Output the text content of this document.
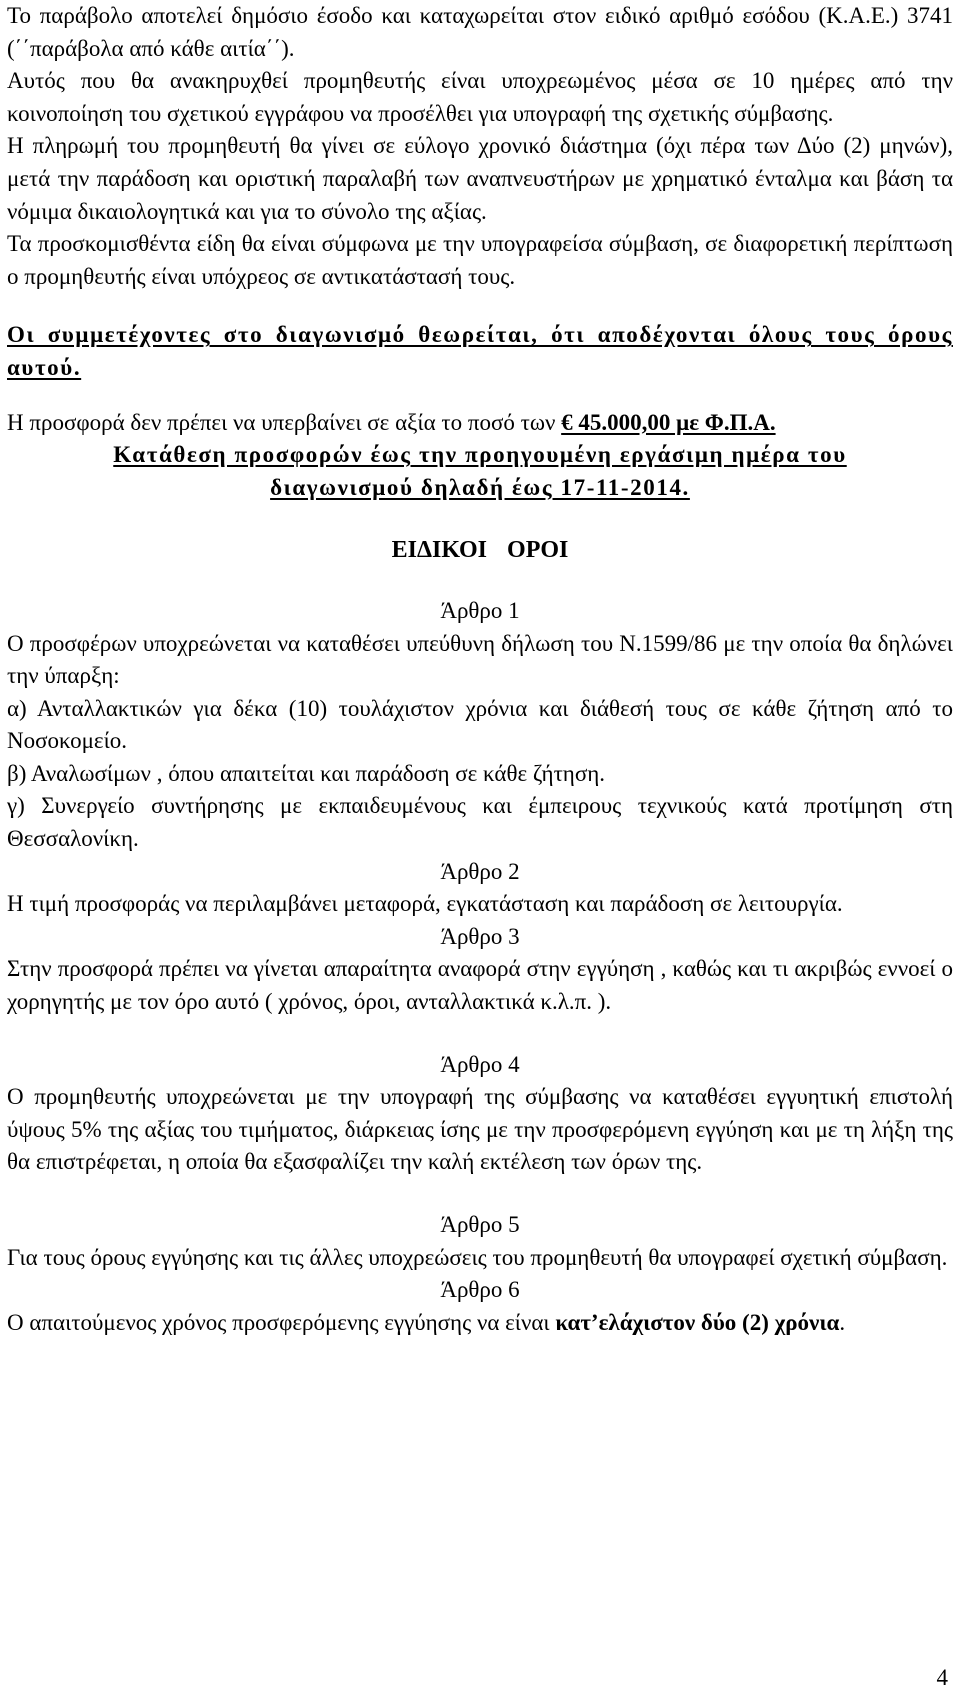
Το παράβολο αποτελεί δημόσιο έσοδο και καταχωρείται στον ειδικό αριθμό εσόδου (Κ.Α.Ε.) 3741 (΄΄παράβολα από κάθε αιτία΄΄).

Αυτός που θα ανακηρυχθεί προμηθευτής είναι υποχρεωμένος μέσα σε 10 ημέρες από την κοινοποίηση του σχετικού εγγράφου να προσέλθει για υπογραφή της σχετικής σύμβασης.

Η πληρωμή του προμηθευτή θα γίνει σε εύλογο χρονικό διάστημα (όχι πέρα των Δύο (2) μηνών), μετά την παράδοση και οριστική παραλαβή των αναπνευστήρων με χρηματικό ένταλμα και βάση τα νόμιμα δικαιολογητικά και για το σύνολο της αξίας.

Τα προσκομισθέντα είδη θα είναι σύμφωνα με την υπογραφείσα σύμβαση, σε διαφορετική περίπτωση ο προμηθευτής είναι υπόχρεος σε αντικατάστασή τους.

Οι συμμετέχοντες στο διαγωνισμό θεωρείται, ότι αποδέχονται όλους τους όρους αυτού.

Η προσφορά δεν πρέπει να υπερβαίνει σε αξία το ποσό των € 45.000,00 με Φ.Π.Α.

Κατάθεση προσφορών έως την προηγουμένη εργάσιμη ημέρα του

διαγωνισμού δηλαδή έως 17-11-2014.

ΕΙΔΙΚΟΙ ΟΡΟΙ

Άρθρο 1

Ο προσφέρων υποχρεώνεται να καταθέσει υπεύθυνη δήλωση του Ν.1599/86 με την οποία θα δηλώνει την ύπαρξη:

α) Ανταλλακτικών για δέκα (10) τουλάχιστον χρόνια και διάθεσή τους σε κάθε ζήτηση από το Νοσοκομείο.

β) Αναλωσίμων , όπου απαιτείται και παράδοση σε κάθε ζήτηση.

γ) Συνεργείο συντήρησης με εκπαιδευμένους και έμπειρους τεχνικούς κατά προτίμηση στη Θεσσαλονίκη.

Άρθρο 2

Η τιμή προσφοράς να περιλαμβάνει μεταφορά, εγκατάσταση και παράδοση σε λειτουργία.

Άρθρο 3

Στην προσφορά πρέπει να γίνεται απαραίτητα αναφορά στην εγγύηση , καθώς και τι ακριβώς εννοεί ο χορηγητής με τον όρο αυτό ( χρόνος, όροι, ανταλλακτικά κ.λ.π. ).

Άρθρο 4

Ο προμηθευτής υποχρεώνεται με την υπογραφή της σύμβασης να καταθέσει εγγυητική επιστολή ύψους 5% της αξίας του τιμήματος, διάρκειας ίσης με την προσφερόμενη εγγύηση και με τη λήξη της θα επιστρέφεται, η οποία θα εξασφαλίζει την καλή εκτέλεση των όρων της.

Άρθρο 5

Για τους όρους εγγύησης και τις άλλες υποχρεώσεις του προμηθευτή θα υπογραφεί σχετική σύμβαση.

Άρθρο 6

Ο απαιτούμενος χρόνος προσφερόμενης εγγύησης να είναι κατ’ελάχιστον δύο (2) χρόνια.

4
